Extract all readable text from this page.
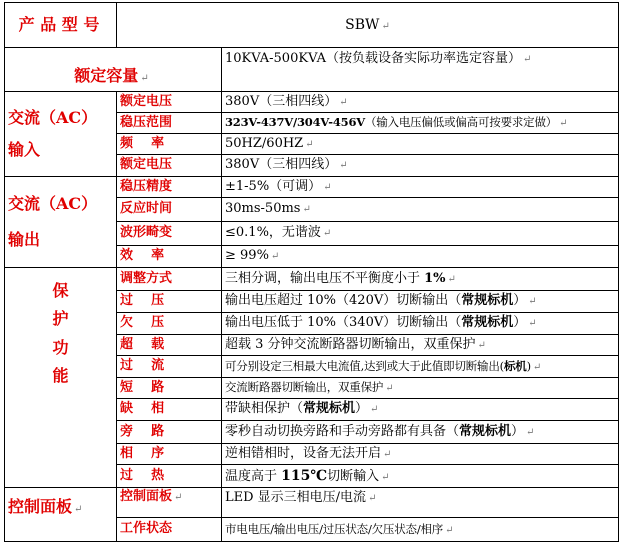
产 品 型 号	SBW ↵	
额定容量 ↵		10KVA-500KVA（按负载设备实际功率选定容量） ↵

交流（AC）
输入	额定电压	380V（三相四线） ↵
	稳压范围	323V-437V/304V-456V（输入电压偏低或偏高可按要求定做） ↵
	频    率	50HZ/60HZ ↵
	额定电压	380V（三相四线） ↵

交流（AC）
输出	稳压精度	±1-5%（可调） ↵
	反应时间	30ms-50ms ↵
	波形畸变	≤0.1%，无谐波 ↵
	效    率	≥ 99% ↵

保
护
功
能	调整方式	三相分调，输出电压不平衡度小于 1% ↵
	过    压	输出电压超过 10%（420V）切断输出（常规标机） ↵
	欠    压	输出电压低于 10%（340V）切断输出（常规标机） ↵
	超    载	超载 3 分钟交流断路器切断输出，双重保护 ↵
	过    流	可分别设定三相最大电流值,达到或大于此值即切断输出(标机) ↵
	短    路	交流断路器切断输出，双重保护 ↵
	缺    相	带缺相保护（常规标机） ↵
	旁    路	零秒自动切换旁路和手动旁路都有具备（常规标机） ↵
	相    序	逆相错相时，设备无法开启 ↵
	过    热	温度高于 115℃切断輸入 ↵
控制面板 ↵	控制面板 ↵	LED 显示三相电压/电流 ↵
	工作状态	市电电压/输出电压/过压状态/欠压状态/相序 ↵
